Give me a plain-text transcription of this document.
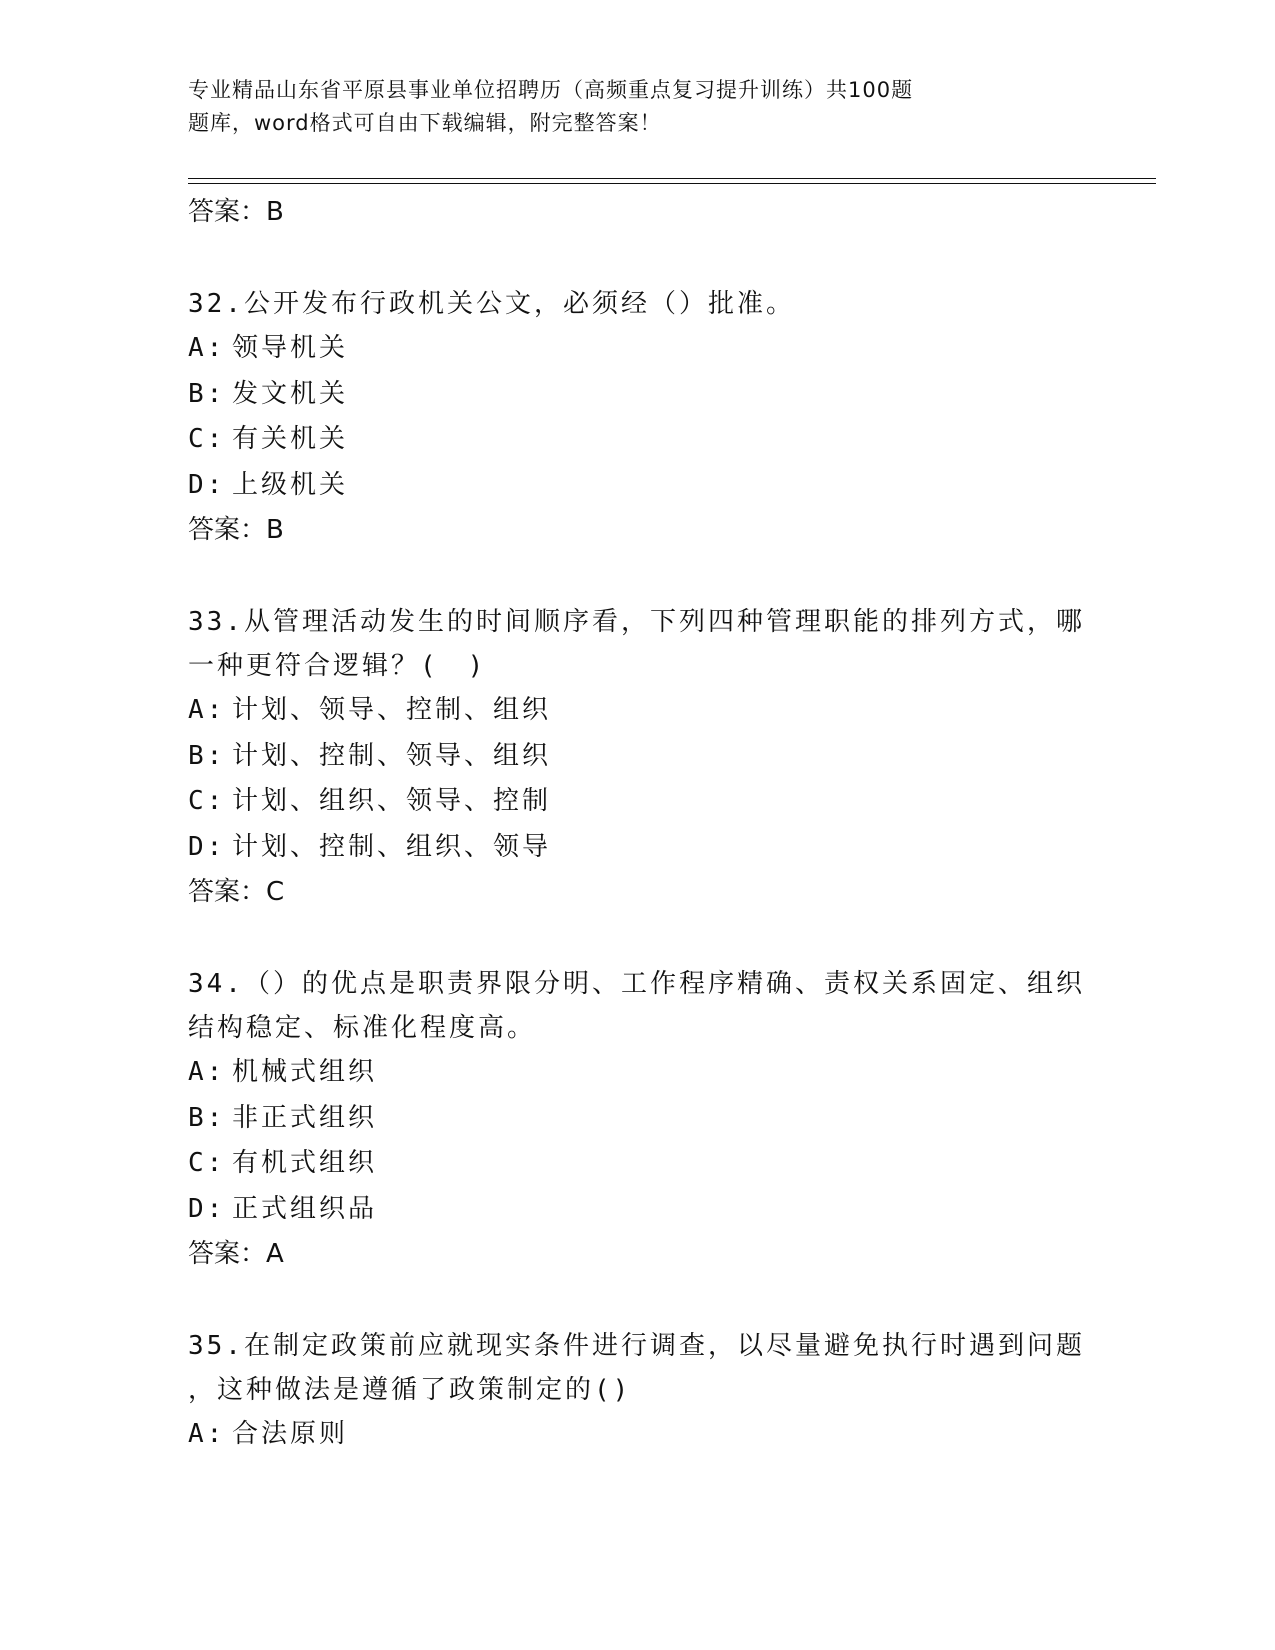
专业精品山东省平原县事业单位招聘历（高频重点复习提升训练）共100题
题库，word格式可自由下载编辑，附完整答案！
答案：B
32.公开发布行政机关公文，必须经（）批准。
A: 领导机关
B: 发文机关
C: 有关机关
D: 上级机关
答案：B
33.从管理活动发生的时间顺序看，下列四种管理职能的排列方式，哪
一种更符合逻辑？(　)
A: 计划、领导、控制、组织
B: 计划、控制、领导、组织
C: 计划、组织、领导、控制
D: 计划、控制、组织、领导
答案：C
34.（）的优点是职责界限分明、工作程序精确、责权关系固定、组织
结构稳定、标准化程度高。
A: 机械式组织
B: 非正式组织
C: 有机式组织
D: 正式组织品
答案：A
35.在制定政策前应就现实条件进行调查，以尽量避免执行时遇到问题
，这种做法是遵循了政策制定的()
A: 合法原则
